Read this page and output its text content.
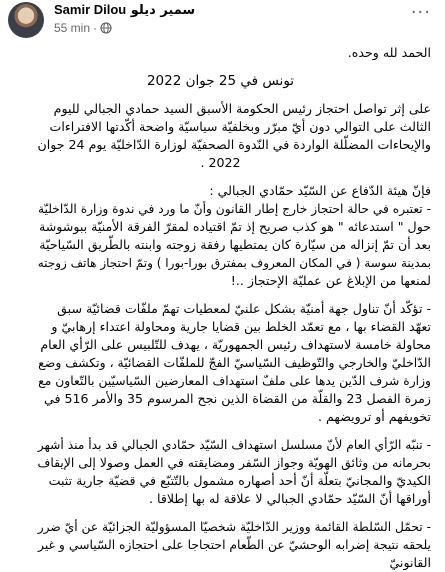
Samir Dilou سمير ديلو
55 min ·
···
الحمد لله وحده.
تونس في 25 جوان 2022
على إثر تواصل احتجاز رئيس الحكومة الأسبق السيد حمادي الجبالي لليوم
الثالث على التوالي دون أيّ مبرّر وبخلفيّة سياسيّة واضحة أكّدتها الافتراءات
والإيحاءات المضلّلة الواردة في النّدوة الصحفيّة لوزارة الدّاخليّة يوم 24 جوان
2022 .
فإنّ هيئة الدّفاع عن السّيّد حمّادي الجبالي :
- تعتبره في حالة احتجاز خارج إطار القانون وأنّ ما ورد في ندوة وزارة الدّاخليّة
حول " استدعائه " هو كذب صريح إذ تمّ اقتياده لمقرّ الفرقة الأمنيّة ببوشوشة
بعد أن تمّ إنزاله من سيّارة كان يمتطيها رفقة زوجته وابنته بالطّريق السّياحيّة
بمدينة سوسة ( في المكان المعروف بمفترق بورا-بورا ) وتمّ احتجاز هاتف زوجته
لمنعها من الإبلاغ عن عمليّة الإحتجاز ..!
- تؤكّد أنّ تناول جهة أمنيّة بشكل علنيّ لمعطيات تهمّ ملفّات قضائيّة سبق
تعهّد القضاء بها ، مع تعمّد الخلط بين قضايا جارية ومحاولة اعتداء إرهابيّ و
محاولة خامسة لاستهداف رئيس الجمهوريّة ، يهدف للتّلبيس على الرّأي العام
الدّاخليّ والخارجي والتّوظيف السّياسيّ الفجّ للملفّات القضائيّة ، وتكشف وضع
وزارة شرف الدّين يدها على ملفّ استهداف المعارضين السّياسيّين بالتّعاون مع
زمرة الفصل 23 والقلّة من القضاة الذين نجح المرسوم 35 والأمر 516 في
تخويفهم أو ترويضهم .
- تنبّه الرّأي العام لأنّ مسلسل استهداف السّيّد حمّادي الجبالي قد بدأ منذ أشهر
بحرمانه من وثائق الهويّة وجواز السّفر ومضايقته في العمل وصولا إلى الإيقاف
الكيديّ والمجانيّ بتعلّة أنّ أحد أصهاره مشمول بالتّتبّع في قضيّة جارية تثبت
أوراقها أنّ السّيّد حمّادي الجبالي لا علاقة له بها إطلاقا .
- تحمّل السّلطة القائمة ووزير الدّاخليّة شخصيّا المسؤوليّة الجزائيّة عن أيّ ضرر
يلحقه نتيجة إضرابه الوحشيّ عن الطّعام احتجاجا على احتجازه السّياسي و غير
القانونيّ
